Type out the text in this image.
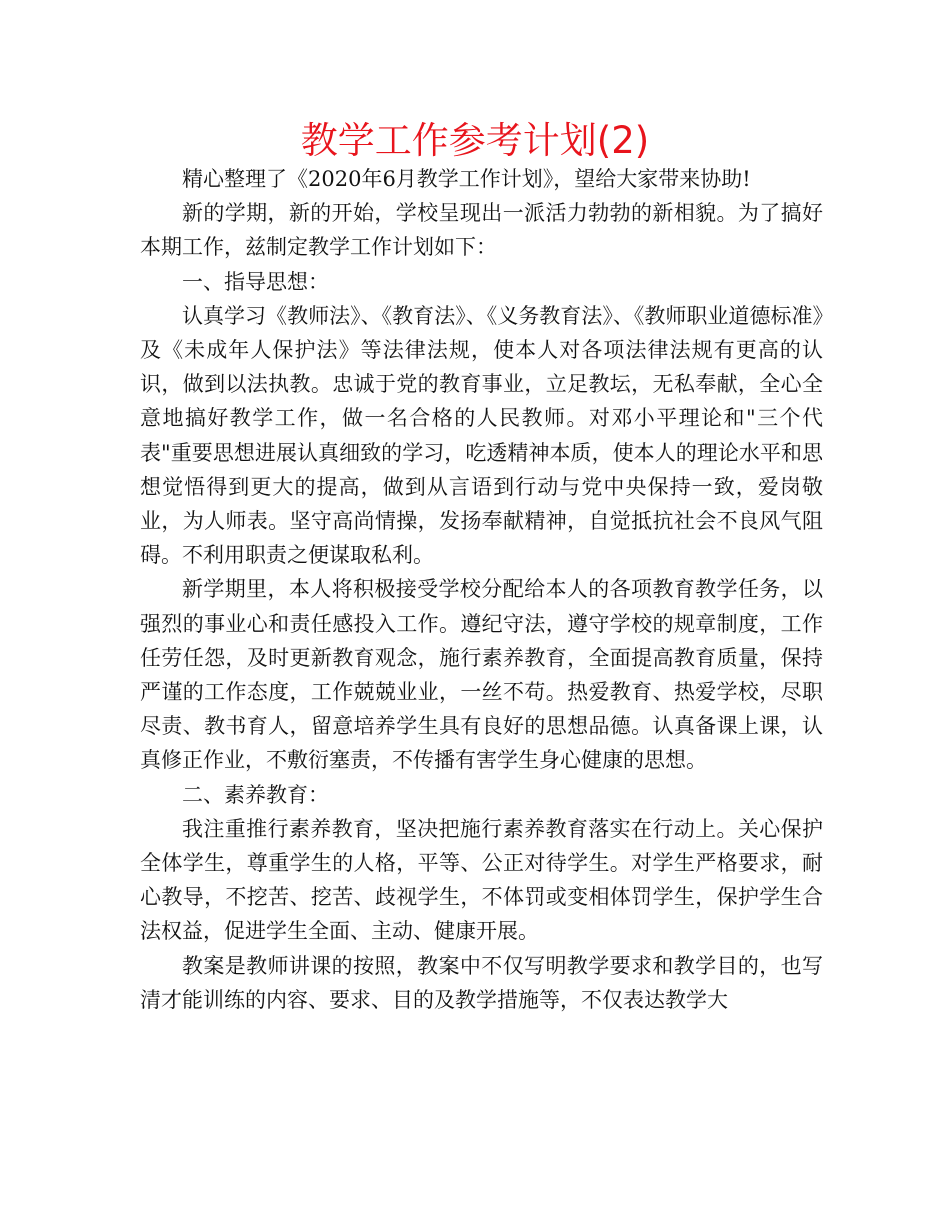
教学工作参考计划(2)

精心整理了《2020年6月教学工作计划》，望给大家带来协助!

新的学期，新的开始，学校呈现出一派活力勃勃的新相貌。为了搞好本期工作，兹制定教学工作计划如下：

一、指导思想：

认真学习《教师法》、《教育法》、《义务教育法》、《教师职业道德标准》及《未成年人保护法》等法律法规，使本人对各项法律法规有更高的认识，做到以法执教。忠诚于党的教育事业，立足教坛，无私奉献，全心全意地搞好教学工作，做一名合格的人民教师。对邓小平理论和"三个代表"重要思想进展认真细致的学习，吃透精神本质，使本人的理论水平和思想觉悟得到更大的提高，做到从言语到行动与党中央保持一致，爱岗敬业，为人师表。坚守高尚情操，发扬奉献精神，自觉抵抗社会不良风气阻碍。不利用职责之便谋取私利。

新学期里，本人将积极接受学校分配给本人的各项教育教学任务，以强烈的事业心和责任感投入工作。遵纪守法，遵守学校的规章制度，工作任劳任怨，及时更新教育观念，施行素养教育，全面提高教育质量，保持严谨的工作态度，工作兢兢业业，一丝不苟。热爱教育、热爱学校，尽职尽责、教书育人，留意培养学生具有良好的思想品德。认真备课上课，认真修正作业，不敷衍塞责，不传播有害学生身心健康的思想。

二、素养教育：

我注重推行素养教育，坚决把施行素养教育落实在行动上。关心保护全体学生，尊重学生的人格，平等、公正对待学生。对学生严格要求，耐心教导，不挖苦、挖苦、歧视学生，不体罚或变相体罚学生，保护学生合法权益，促进学生全面、主动、健康开展。

教案是教师讲课的按照，教案中不仅写明教学要求和教学目的，也写清才能训练的内容、要求、目的及教学措施等，不仅表达教学大
